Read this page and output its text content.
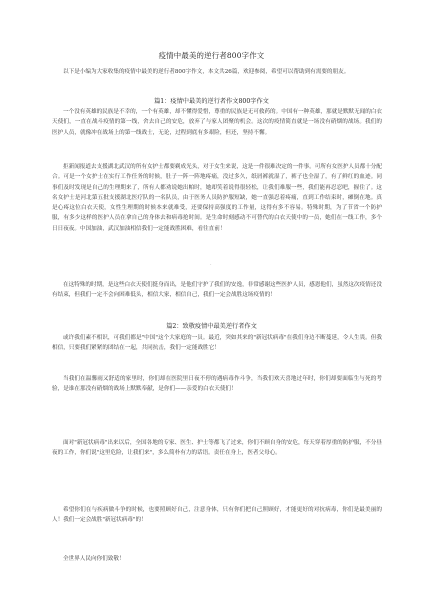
疫情中最美的逆行者800字作文

以下是小编为大家收集的疫情中最美的逆行者800字作文，本文共26篇，欢迎参阅，希望可以帮助到有需要的朋友。

篇1：疫情中最美的逆行者作文800字作文

一个没有英雄的民族是不幸的，一个有英雄，却不懂得爱惜，尊重的民族是无可救药的。中国有一种英雄，那就是默默无闻的白衣天使们，一直在战斗疫情的第一线，舍去自己的安危，放弃了与家人团聚的机会。这次的疫情简直就是一场没有硝烟的战场。我们的医护人员，就像冲在战场上的第一线战士，无论，过程到底有多艰险，但还，坚持不懈。

拒新闻报道去支援湖北武汉的所有女护士都要剃成光头，对于女生来说，这是一件很难决定的一件事。可所有女医护人员都十分配合。可是一个女护士在实行工作任务的时候，肚子一阵一阵地疼痛，没过多久，纸屑裤就湿了，裤子也全湿了，有了鲜红的血迹。同事们及时发现是自己的生理期来了，所有人都劝说她出帕时，她却笑着说得很轻松，让我们难服一些，我们能再忍忍吧，握住了。这名女护士是河北第五批支援湖北医疗队的一名队员，由于医务人员防护服短缺，她一直强忍着疼痛，直到工作结束时，瘫倒在地。真是心疼这位白衣天使，女性生理期的时候本来就难受，还要保持高强度的工作量，这得有多不容易。特殊时期，为了节省一个防护服，有多少这样的医护人员在拿自己的身体去和病毒抢时间。是生命时刻感动不可替代的白衣天使中的一员，她们在一线工作，多个日日夜夜。中国加油，武汉加油相信我们一定能战胜困难，看往直前！

·

在这特殊的时期，是这些白衣天使们挺身而出，是他们守护了我们的安逸，非常感谢这些医护人员，感恩他们，虽然这次疫情还没有结束，但我们一定不会向困难低头，相信大家，相信自己，我们一定会战胜这场疫情的！

篇2：致敬疫情中最美逆行者作文

或许我们素不相识，可我们都是"中国"这个大家庭的一员。最近，突如其来的"新冠状病毒"在我们身边不断蔓延，令人生畏。但我相信，只要我们紧紧的团结在一起，共同抗击，我们一定能战胜它！

当我们在温馨雨又舒适的家里时，你们却在医院里日夜不停的遇病毒作斗争，当我们欢天喜地过年时，你们却要面临生与死的考验，是谁在那没有硝烟的战场上默默奉献，是你们——亲爱的白衣天使们！

面对"新冠状病毒"出来以后，全国各地的专家、医生、护士等都飞了过来，你们不顾自身的安危，每天穿着厚重的防护服，不分昼夜的工作，你们说"这里危险，让我们来"，多么简朴有力的话语。责任在身上，医者父母心。

希望你们在与疾病做斗争的时候，也要照顾好自己，注意身体，只有你们把自己照顾好，才能更好的对抗病毒，你们是最美丽的人！我们一定会战胜"新冠状病毒"的！

全世界人民向你们致敬！
